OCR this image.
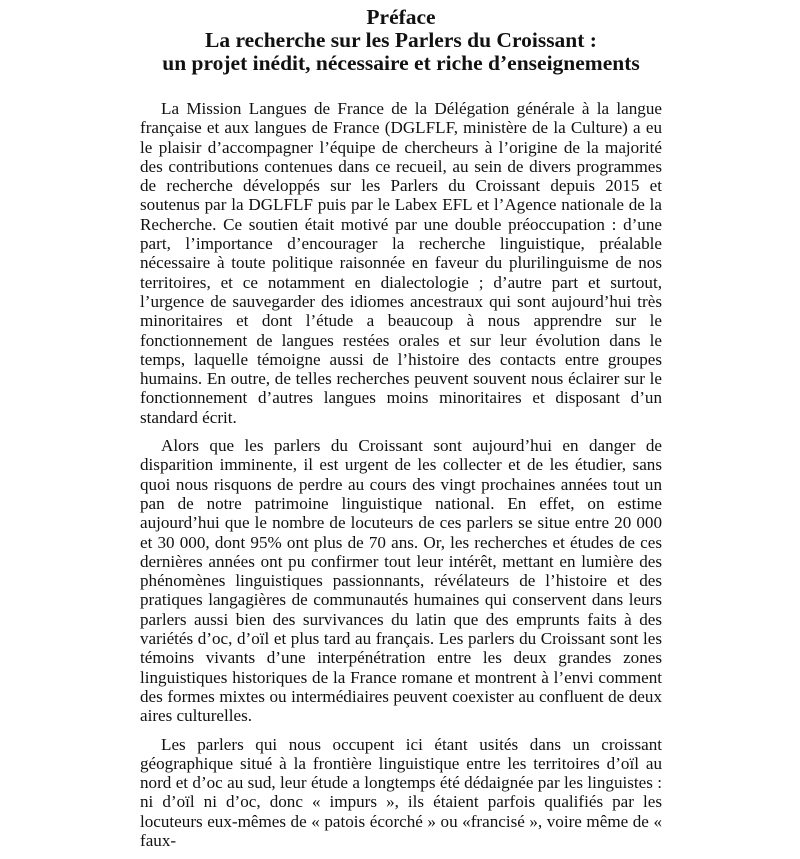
Préface
La recherche sur les Parlers du Croissant :
un projet inédit, nécessaire et riche d’enseignements

La Mission Langues de France de la Délégation générale à la langue française et aux langues de France (DGLFLF, ministère de la Culture) a eu le plaisir d’accompagner l’équipe de chercheurs à l’origine de la majorité des contributions contenues dans ce recueil, au sein de divers programmes de recherche développés sur les Parlers du Croissant depuis 2015 et soutenus par la DGLFLF puis par le Labex EFL et l’Agence nationale de la Recherche. Ce soutien était motivé par une double préoccupation : d’une part, l’importance d’encourager la recherche linguistique, préalable nécessaire à toute politique raisonnée en faveur du plurilinguisme de nos territoires, et ce notamment en dialectologie ; d’autre part et surtout, l’urgence de sauvegarder des idiomes ancestraux qui sont aujourd’hui très minoritaires et dont l’étude a beaucoup à nous apprendre sur le fonctionnement de langues restées orales et sur leur évolution dans le temps, laquelle témoigne aussi de l’histoire des contacts entre groupes humains. En outre, de telles recherches peuvent souvent nous éclairer sur le fonctionnement d’autres langues moins minoritaires et disposant d’un standard écrit.

Alors que les parlers du Croissant sont aujourd’hui en danger de disparition imminente, il est urgent de les collecter et de les étudier, sans quoi nous risquons de perdre au cours des vingt prochaines années tout un pan de notre patrimoine linguistique national. En effet, on estime aujourd’hui que le nombre de locuteurs de ces parlers se situe entre 20 000 et 30 000, dont 95% ont plus de 70 ans. Or, les recherches et études de ces dernières années ont pu confirmer tout leur intérêt, mettant en lumière des phénomènes linguistiques passionnants, révélateurs de l’histoire et des pratiques langagières de communautés humaines qui conservent dans leurs parlers aussi bien des survivances du latin que des emprunts faits à des variétés d’oc, d’oïl et plus tard au français. Les parlers du Croissant sont les témoins vivants d’une interpénétration entre les deux grandes zones linguistiques historiques de la France romane et montrent à l’envi comment des formes mixtes ou intermédiaires peuvent coexister au confluent de deux aires culturelles.

Les parlers qui nous occupent ici étant usités dans un croissant géographique situé à la frontière linguistique entre les territoires d’oïl au nord et d’oc au sud, leur étude a longtemps été dédaignée par les linguistes : ni d’oïl ni d’oc, donc « impurs », ils étaient parfois qualifiés par les locuteurs eux-mêmes de « patois écorché » ou «francisé », voire même de « faux-
